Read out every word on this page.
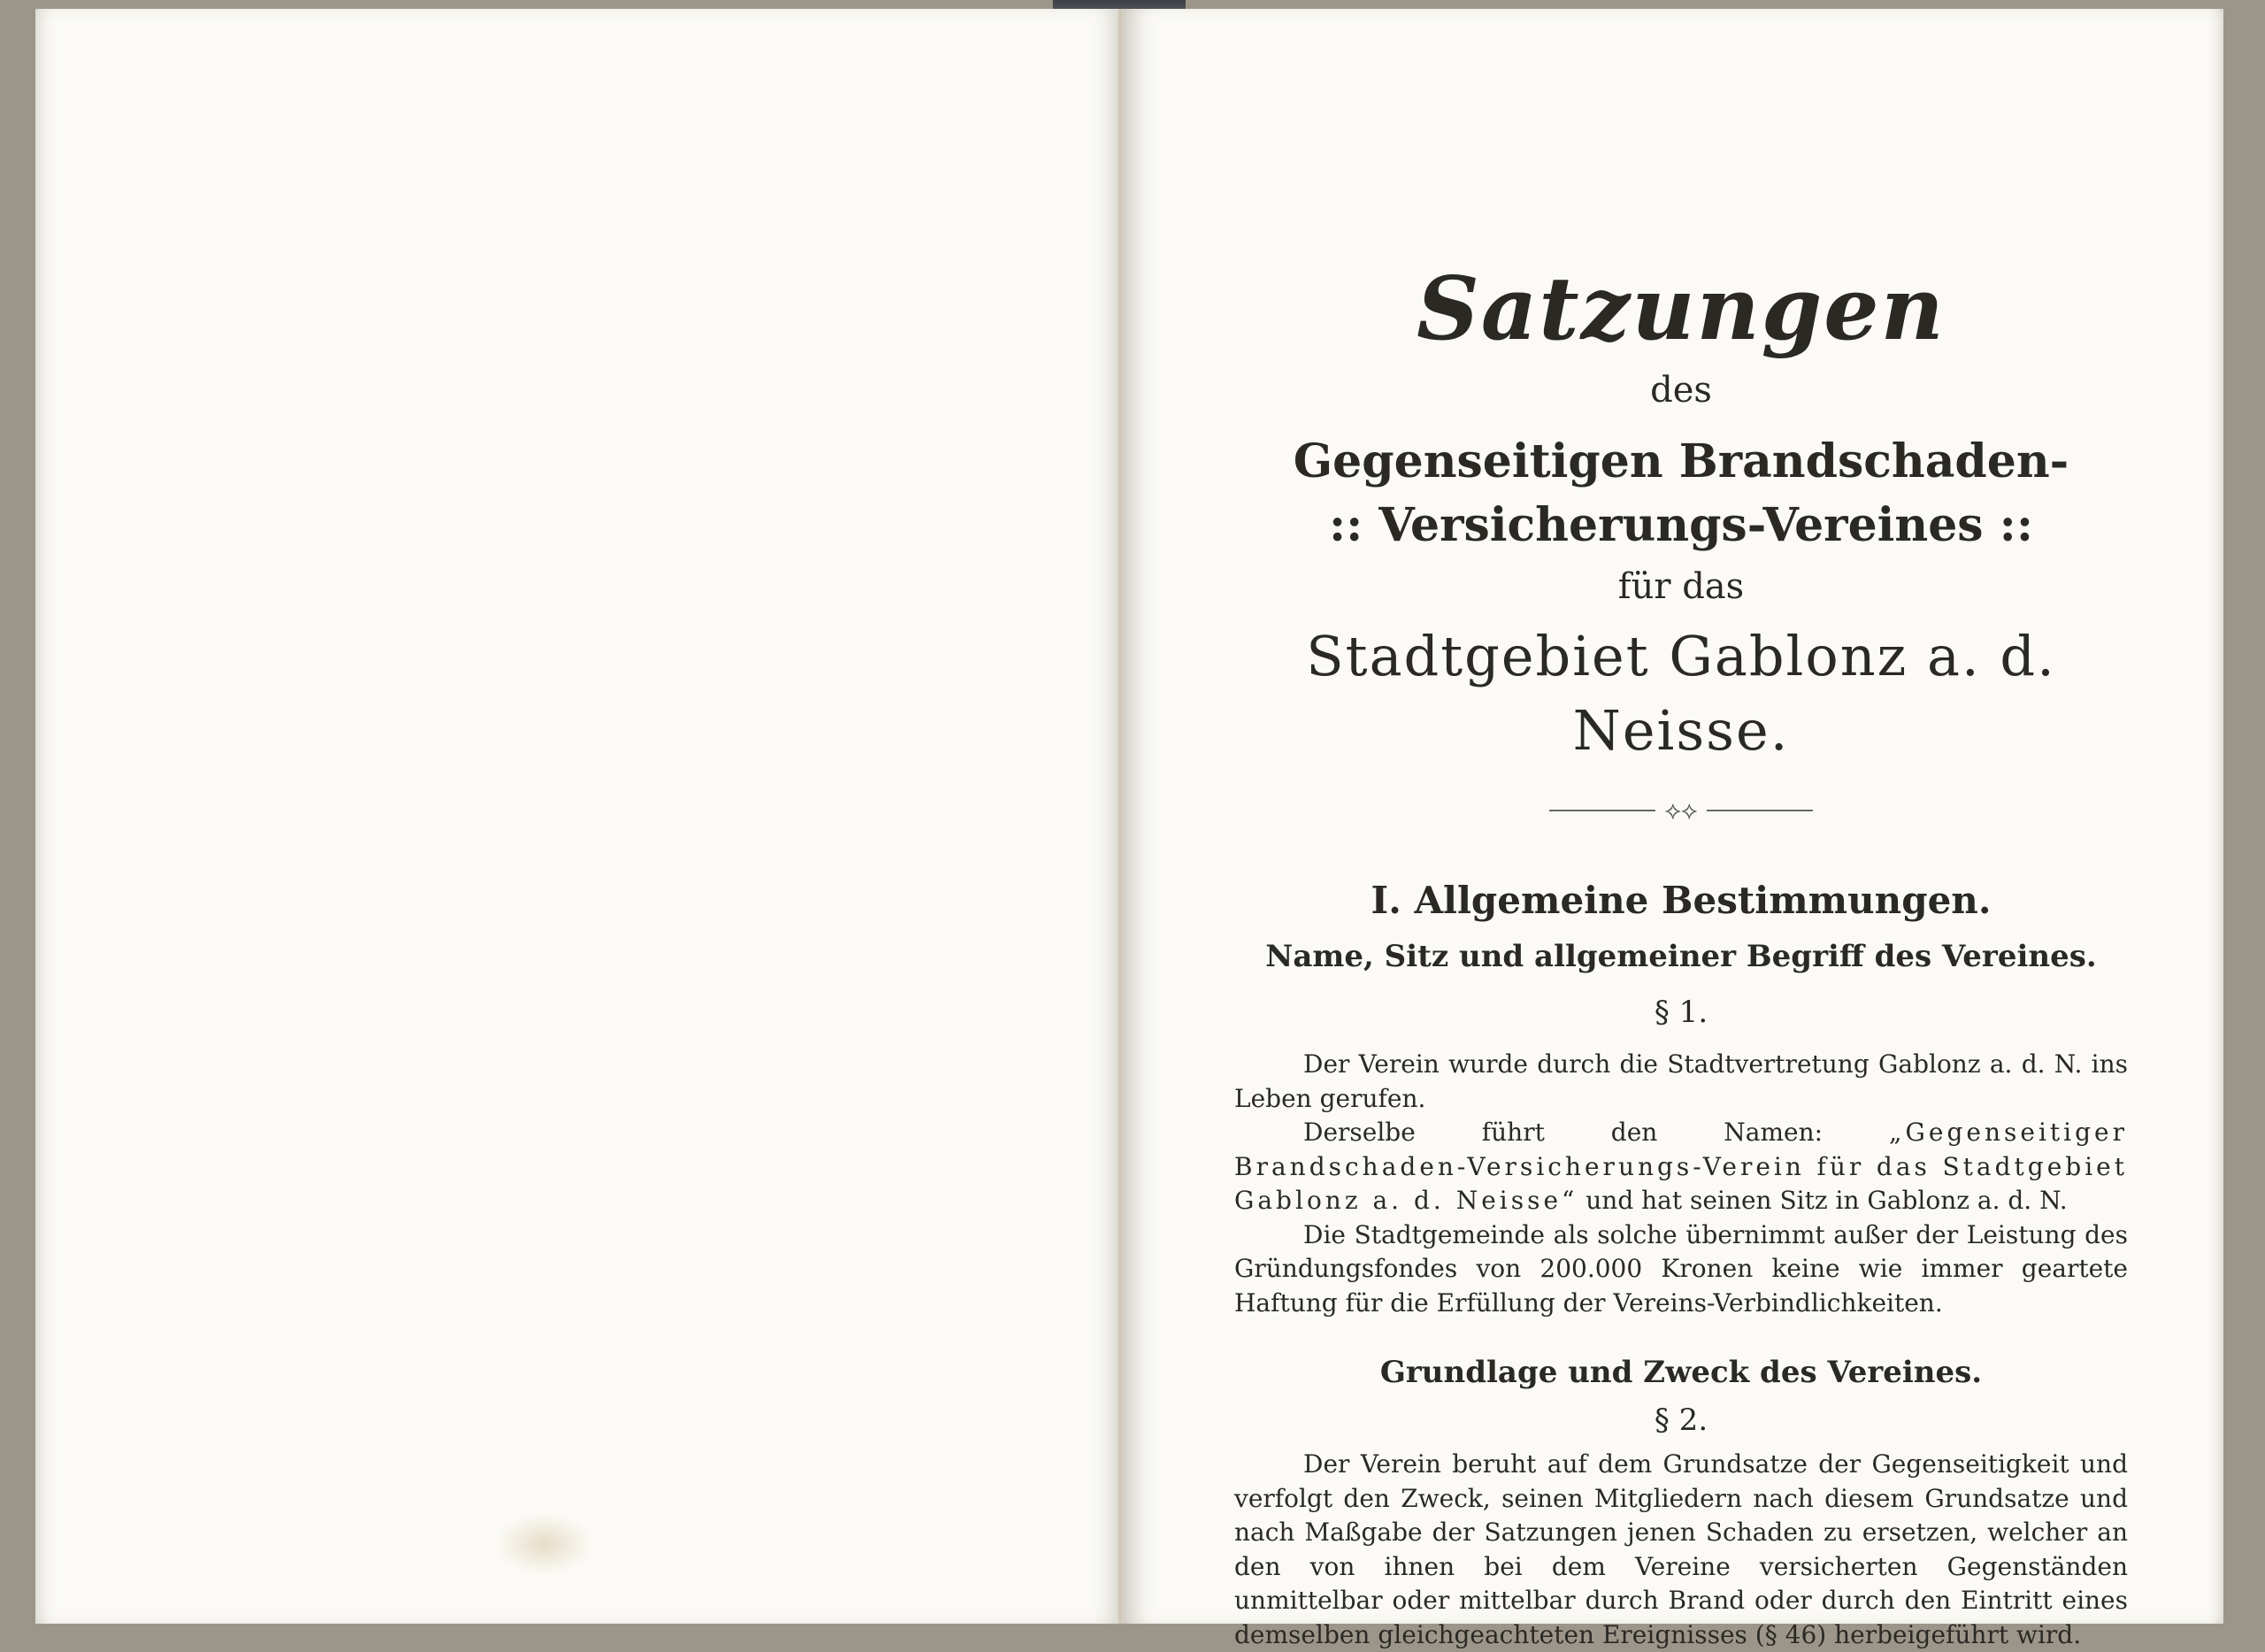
Satzungen
des
Gegenseitigen Brandschaden-
:: Versicherungs-Vereines ::
für das
Stadtgebiet Gablonz a. d. Neisse.
⟡⟡
I. Allgemeine Bestimmungen.
Name, Sitz und allgemeiner Begriff des Vereines.
§ 1.

Der Verein wurde durch die Stadtvertretung Gablonz a. d. N. ins Leben gerufen.

Derselbe führt den Namen: „Gegenseitiger Brandschaden-Versicherungs-Verein für das Stadtgebiet Gablonz a. d. Neisse“ und hat seinen Sitz in Gablonz a. d. N.

Die Stadtgemeinde als solche übernimmt außer der Leistung des Gründungsfondes von 200.000 Kronen keine wie immer geartete Haftung für die Erfüllung der Vereins-Verbindlichkeiten.

Grundlage und Zweck des Vereines.
§ 2.

Der Verein beruht auf dem Grundsatze der Gegenseitigkeit und verfolgt den Zweck, seinen Mitgliedern nach diesem Grundsatze und nach Maßgabe der Satzungen jenen Schaden zu ersetzen, welcher an den von ihnen bei dem Vereine versicherten Gegenständen unmittelbar oder mittelbar durch Brand oder durch den Eintritt eines demselben gleichgeachteten Ereignisses (§ 46) herbeigeführt wird.
